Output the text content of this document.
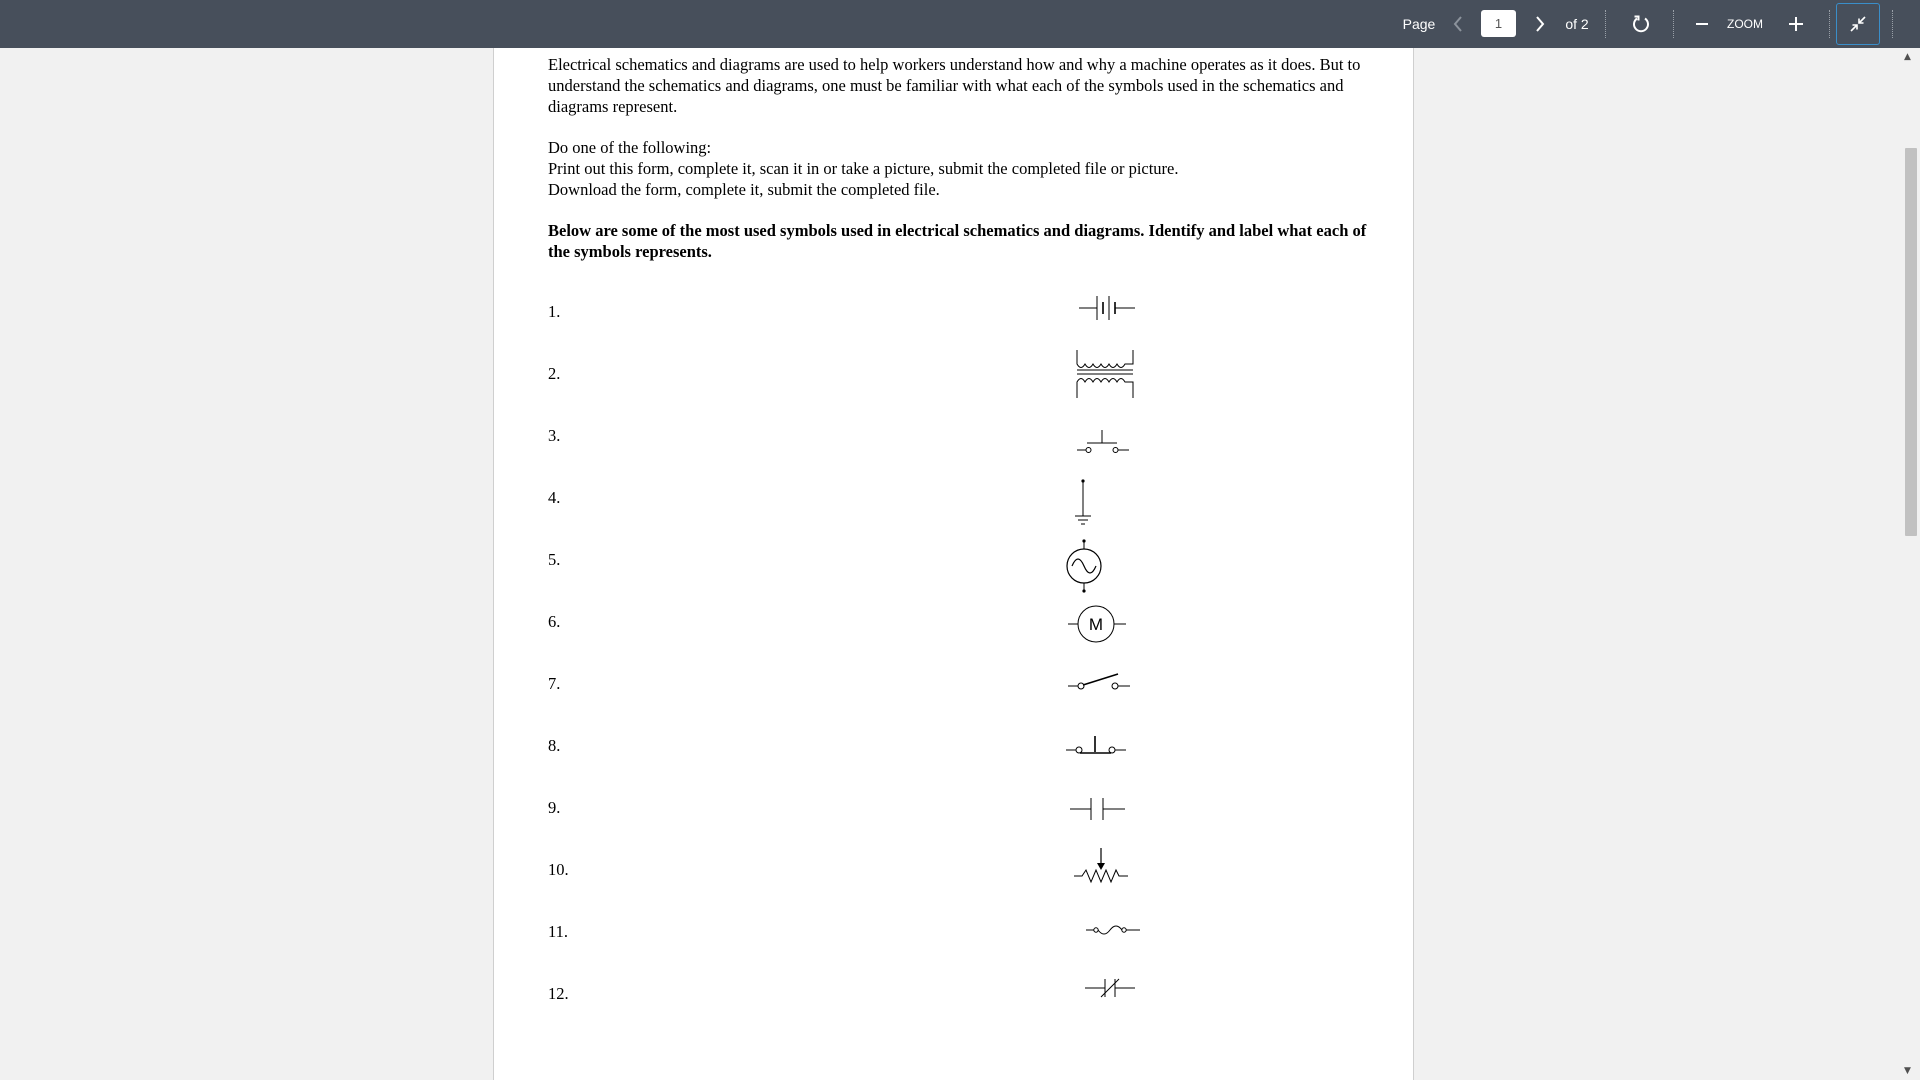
Page
1	of 2	ZOOM

Electrical schematics and diagrams are used to help workers understand how and why a machine operates as it does. But to understand the schematics and diagrams, one must be familiar with what each of the symbols used in the schematics and diagrams represent.

Do one of the following:

Print out this form, complete it, scan it in or take a picture, submit the completed file or picture.

Download the form, complete it, submit the completed file.

Below are some of the most used symbols used in electrical schematics and diagrams. Identify and label what each of the symbols represents.

1.
2.
3.
4.
5.
6.	M
7.
8.
9.
10.
11.
12.
▲
▼
